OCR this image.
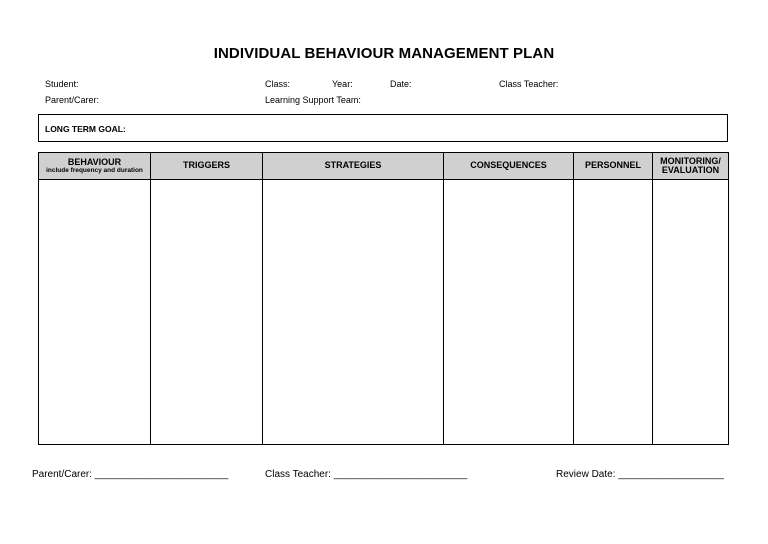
INDIVIDUAL BEHAVIOUR MANAGEMENT PLAN
Student:
Parent/Carer:
Class:	Year:	Date:	Class Teacher:
Learning Support Team:
LONG TERM GOAL:
BEHAVIOUR
include frequency and duration	TRIGGERS	STRATEGIES	CONSEQUENCES	PERSONNEL	MONITORING/ EVALUATION

Parent/Carer: ________________________	Class Teacher: ________________________	Review Date: ___________________
